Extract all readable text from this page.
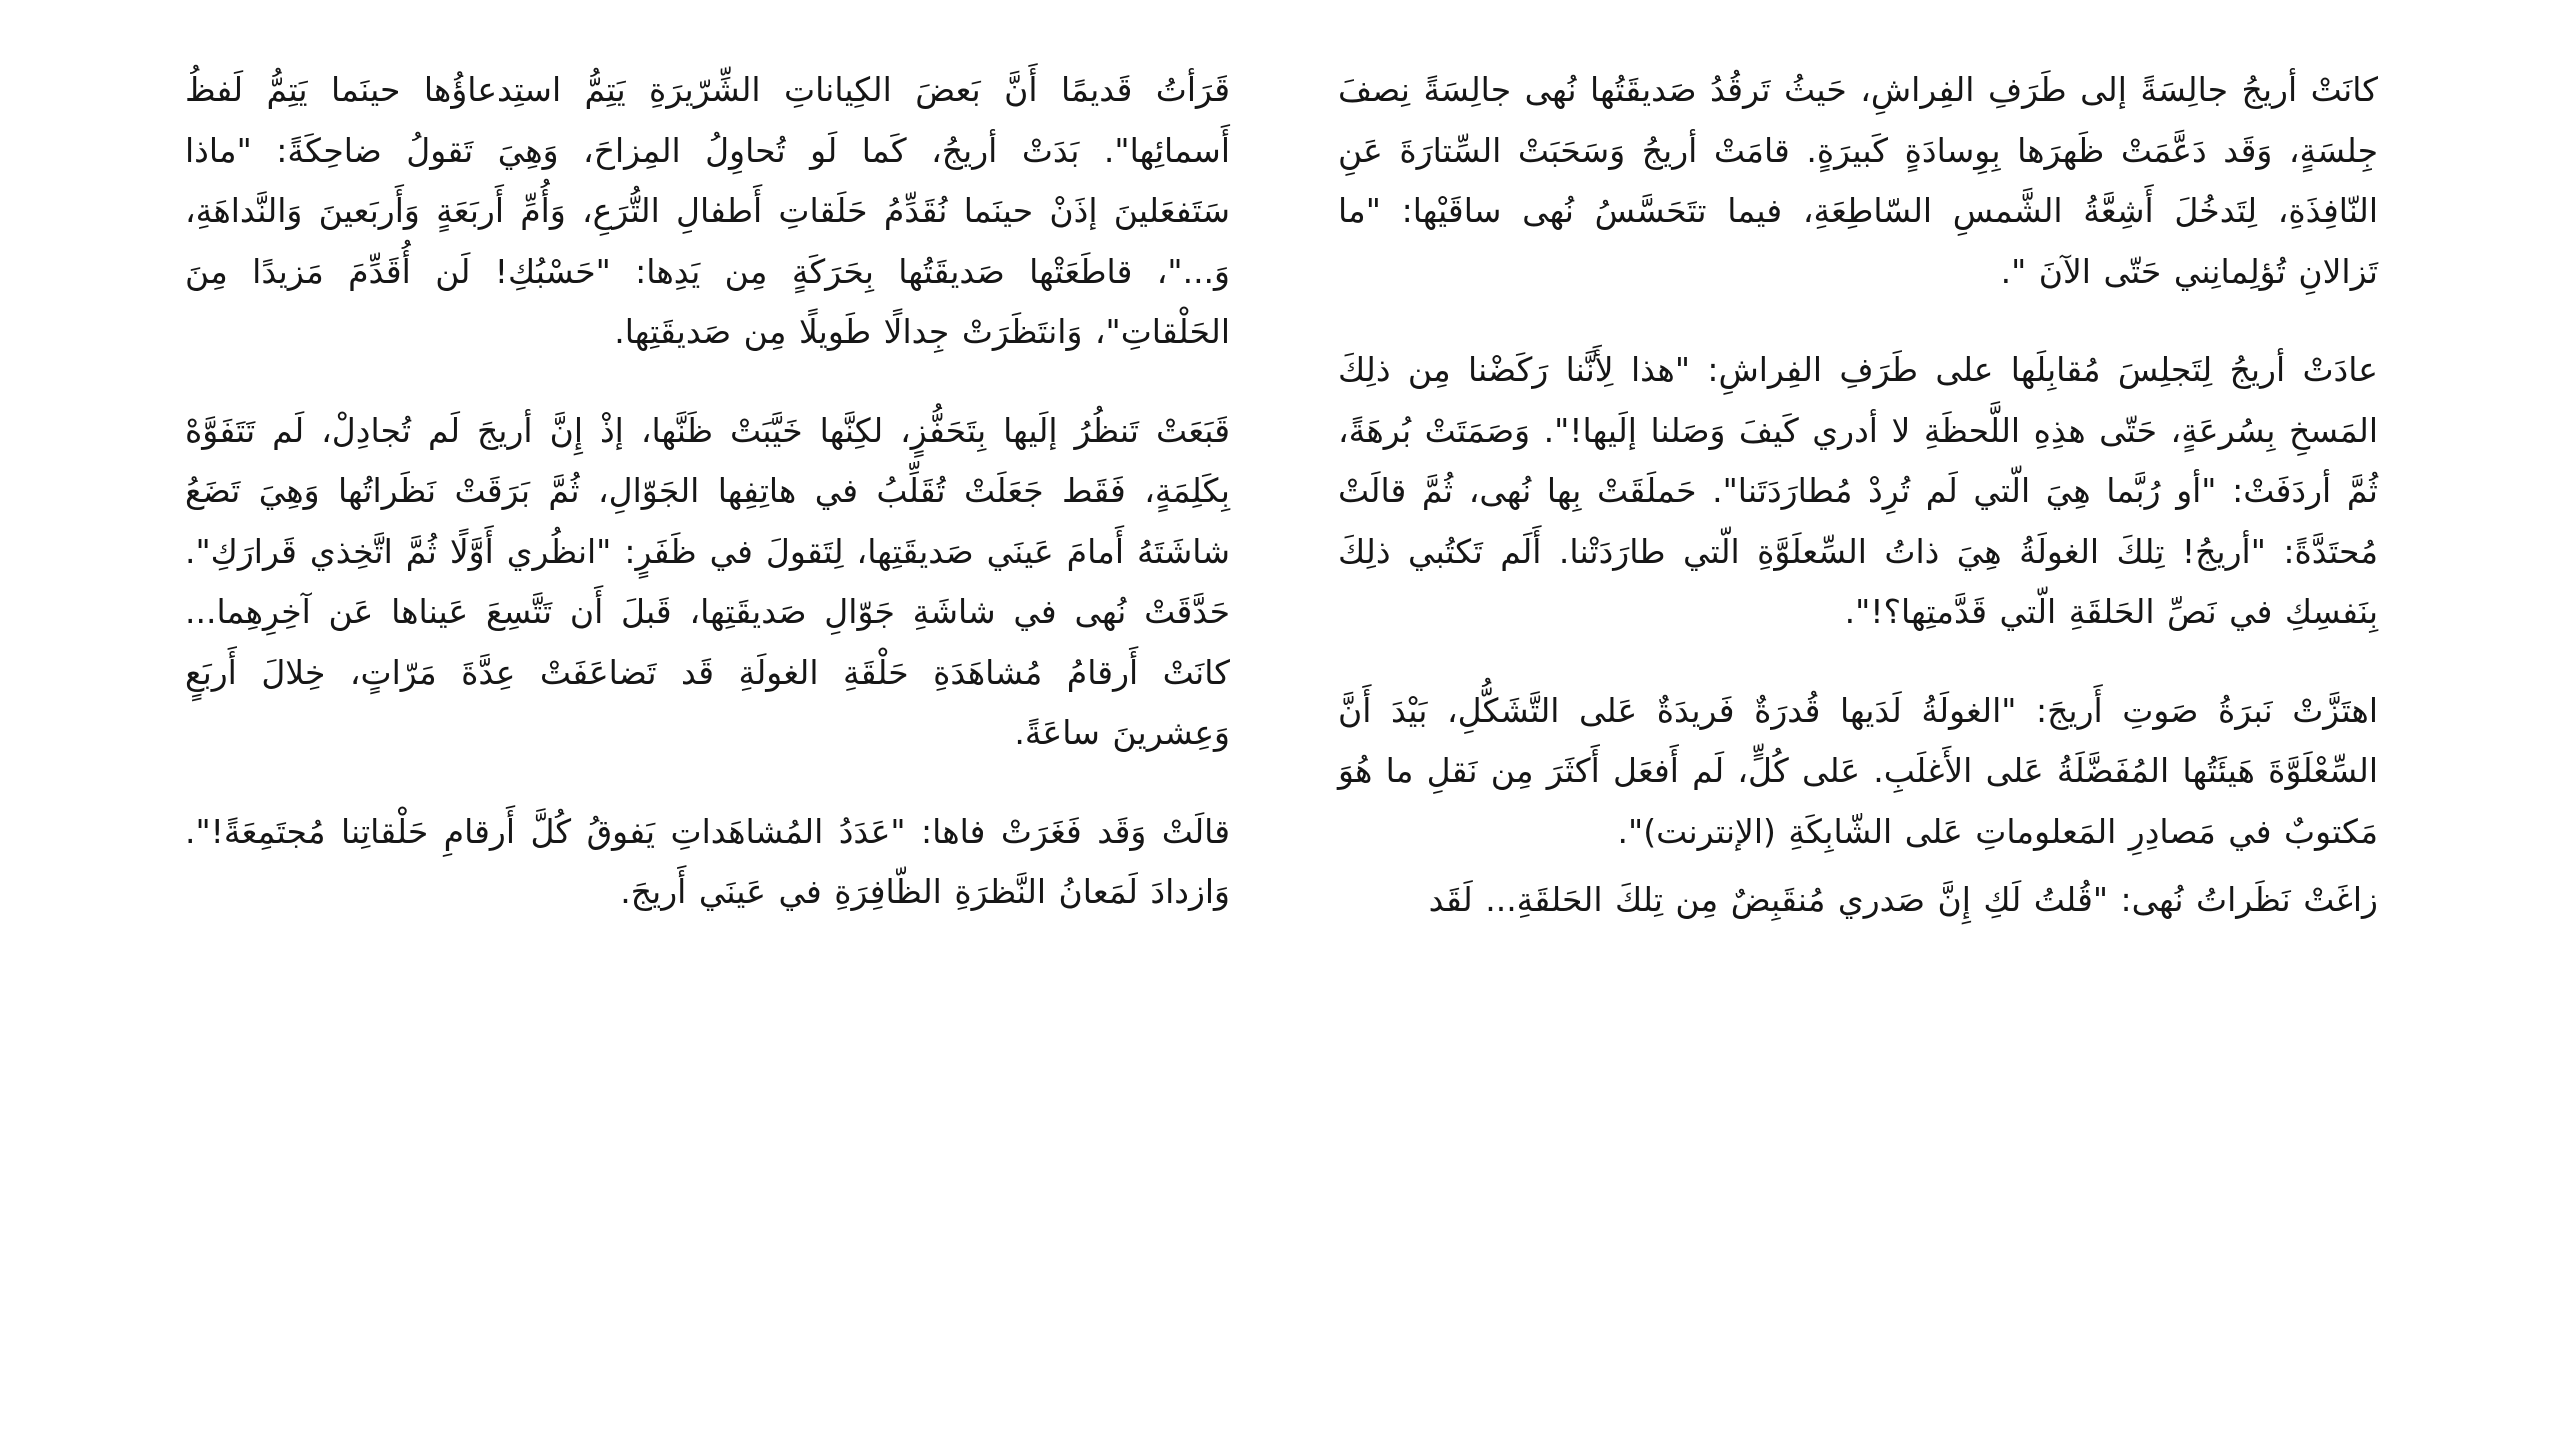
كانَتْ أريجُ جالِسَةً إلى طَرَفِ الفِراشِ، حَيثُ تَرقُدُ صَديقَتُها نُهى جالِسَةً نِصفَ جِلسَةٍ، وَقَد دَعَّمَتْ ظَهرَها بِوِسادَةٍ كَبيرَةٍ. قامَتْ أريجُ وَسَحَبَتْ السِّتارَةَ عَنِ النّافِذَةِ، لِتَدخُلَ أَشِعَّةُ الشَّمسِ السّاطِعَةِ، فيما تتَحَسَّسُ نُهى ساقَيْها: "ما تَزالانِ تُؤلِمانِني حَتّى الآنَ ".

عادَتْ أريجُ لِتَجلِسَ مُقابِلَها على طَرَفِ الفِراشِ: "هذا لِأَنَّنا رَكَضْنا مِن ذلِكَ المَسخِ بِسُرعَةٍ، حَتّى هذِهِ اللَّحظَةِ لا أدري كَيفَ وَصَلنا إلَيها!". وَصَمَتَتْ بُرهَةً، ثُمَّ أردَفَتْ: "أو رُبَّما هِيَ الّتي لَم تُرِدْ مُطارَدَتَنا". حَملَقَتْ بِها نُهى، ثُمَّ قالَتْ مُحتَدَّةً: "أريجُ! تِلكَ الغولَةُ هِيَ ذاتُ السِّعلَوَّةِ الّتي طارَدَتْنا. أَلَم تَكتُبي ذلِكَ بِنَفسِكِ في نَصِّ الحَلقَةِ الّتي قَدَّمتِها؟!".

اهتَزَّتْ نَبرَةُ صَوتِ أَريجَ: "الغولَةُ لَدَيها قُدرَةٌ فَريدَةٌ عَلى التَّشَكُّلِ، بَيْدَ أَنَّ السِّعْلَوَّةَ هَيئَتُها المُفَضَّلَةُ عَلى الأَغلَبِ. عَلى كُلٍّ، لَم أَفعَل أَكثَرَ مِن نَقلِ ما هُوَ مَكتوبٌ في مَصادِرِ المَعلوماتِ عَلى الشّابِكَةِ (الإنترنت)".

زاغَتْ نَظَراتُ نُهى: "قُلتُ لَكِ إِنَّ صَدري مُنقَبِضٌ مِن تِلكَ الحَلقَةِ... لَقَد

قَرَأتُ قَديمًا أَنَّ بَعضَ الكِياناتِ الشِّرّيرَةِ يَتِمُّ استِدعاؤُها حينَما يَتِمُّ لَفظُ أَسمائِها". بَدَتْ أريجُ، كَما لَو تُحاوِلُ المِزاحَ، وَهِيَ تَقولُ ضاحِكَةً: "ماذا سَتَفعَلينَ إذَنْ حينَما نُقَدِّمُ حَلَقاتِ أَطفالِ التُّرَعِ، وَأُمِّ أَربَعَةٍ وَأَربَعينَ وَالنَّداهَةِ، وَ..."، قاطَعَتْها صَديقَتُها بِحَرَكَةٍ مِن يَدِها: "حَسْبُكِ! لَن أُقَدِّمَ مَزيدًا مِنَ الحَلْقاتِ"، وَانتَظَرَتْ جِدالًا طَويلًا مِن صَديقَتِها.

قَبَعَتْ تَنظُرُ إلَيها بِتَحَفُّزٍ، لكِنَّها خَيَّبَتْ ظَنَّها، إذْ إِنَّ أريجَ لَم تُجادِلْ، لَم تَتَفَوَّهْ بِكَلِمَةٍ، فَقَط جَعَلَتْ تُقَلِّبُ في هاتِفِها الجَوّالِ، ثُمَّ بَرَقَتْ نَظَراتُها وَهِيَ تَضَعُ شاشَتَهُ أَمامَ عَينَي صَديقَتِها، لِتَقولَ في ظَفَرٍ: "انظُري أَوَّلًا ثُمَّ اتَّخِذي قَرارَكِ". حَدَّقَتْ نُهى في شاشَةِ جَوّالِ صَديقَتِها، قَبلَ أَن تَتَّسِعَ عَيناها عَن آخِرِهِما... كانَتْ أَرقامُ مُشاهَدَةِ حَلْقَةِ الغولَةِ قَد تَضاعَفَتْ عِدَّةَ مَرّاتٍ، خِلالَ أَربَعٍ وَعِشرينَ ساعَةً.

قالَتْ وَقَد فَغَرَتْ فاها: "عَدَدُ المُشاهَداتِ يَفوقُ كُلَّ أَرقامِ حَلْقاتِنا مُجتَمِعَةً!". وَازدادَ لَمَعانُ النَّظرَةِ الظّافِرَةِ في عَينَي أَريجَ.
